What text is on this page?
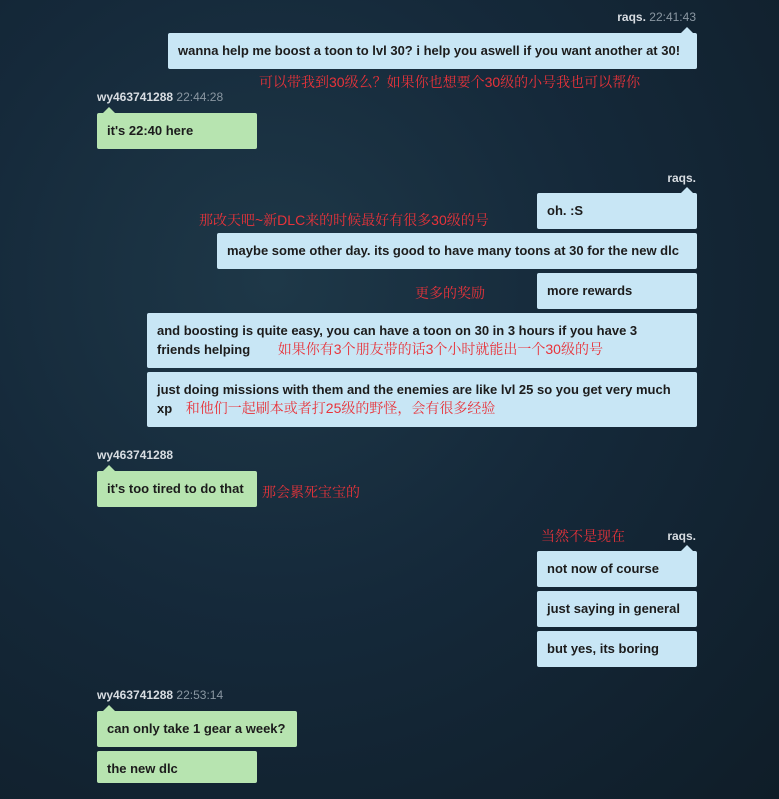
raqs. 22:41:43
wanna help me boost a toon to lvl 30? i help you aswell if you want another at 30!
可以带我到30级么？如果你也想要个30级的小号我也可以帮你
wy463741288 22:44:28
it's 22:40 here
raqs.
oh. :S
那改天吧~新DLC来的时候最好有很多30级的号
maybe some other day. its good to have many toons at 30 for the new dlc
更多的奖励	more rewards
and boosting is quite easy, you can have a toon on 30 in 3 hours if you have 3
friends helping 如果你有3个朋友带的话3个小时就能出一个30级的号
just doing missions with them and the enemies are like lvl 25 so you get very much
xp 和他们一起刷本或者打25级的野怪，会有很多经验
wy463741288
it's too tired to do that	那会累死宝宝的
当然不是现在	raqs.
not now of course
just saying in general
but yes, its boring
wy463741288 22:53:14
can only take 1 gear a week?
the new dlc
